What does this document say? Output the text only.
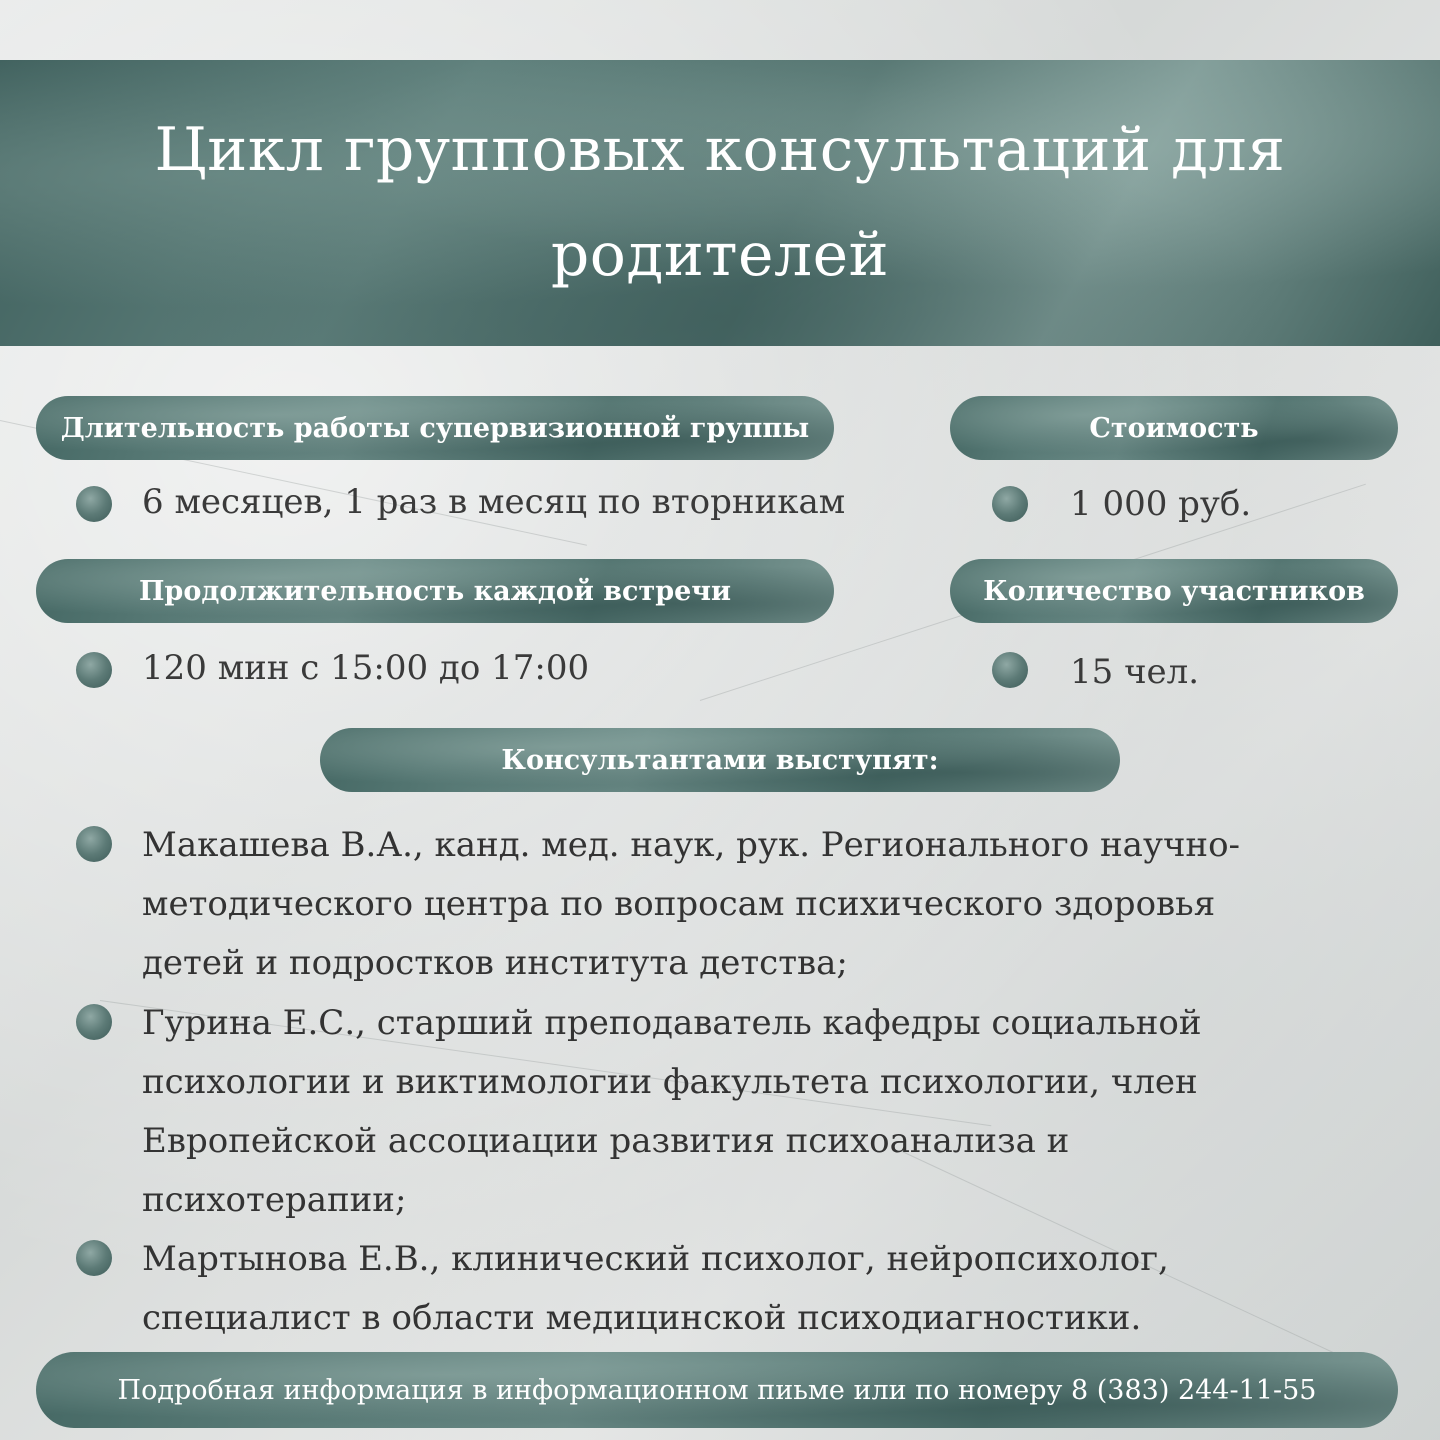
Цикл групповых консультаций для родителей
Длительность работы супервизионной группы	Стоимость
6 месяцев, 1 раз в месяц по вторникам	1 000 руб.
Продолжительность каждой встречи	Количество участников
120 мин с 15:00 до 17:00	15 чел.
Консультантами выступят:
Макашева В.А., канд. мед. наук, рук. Регионального научно-методического центра по вопросам психического здоровья детей и подростков института детства;
Гурина Е.С., старший преподаватель кафедры социальной психологии и виктимологии факультета психологии, член Европейской ассоциации развития психоанализа и психотерапии;
Мартынова Е.В., клинический психолог, нейропсихолог, специалист в области медицинской психодиагностики.
Подробная информация в информационном пиьме или по номеру 8 (383) 244-11-55
